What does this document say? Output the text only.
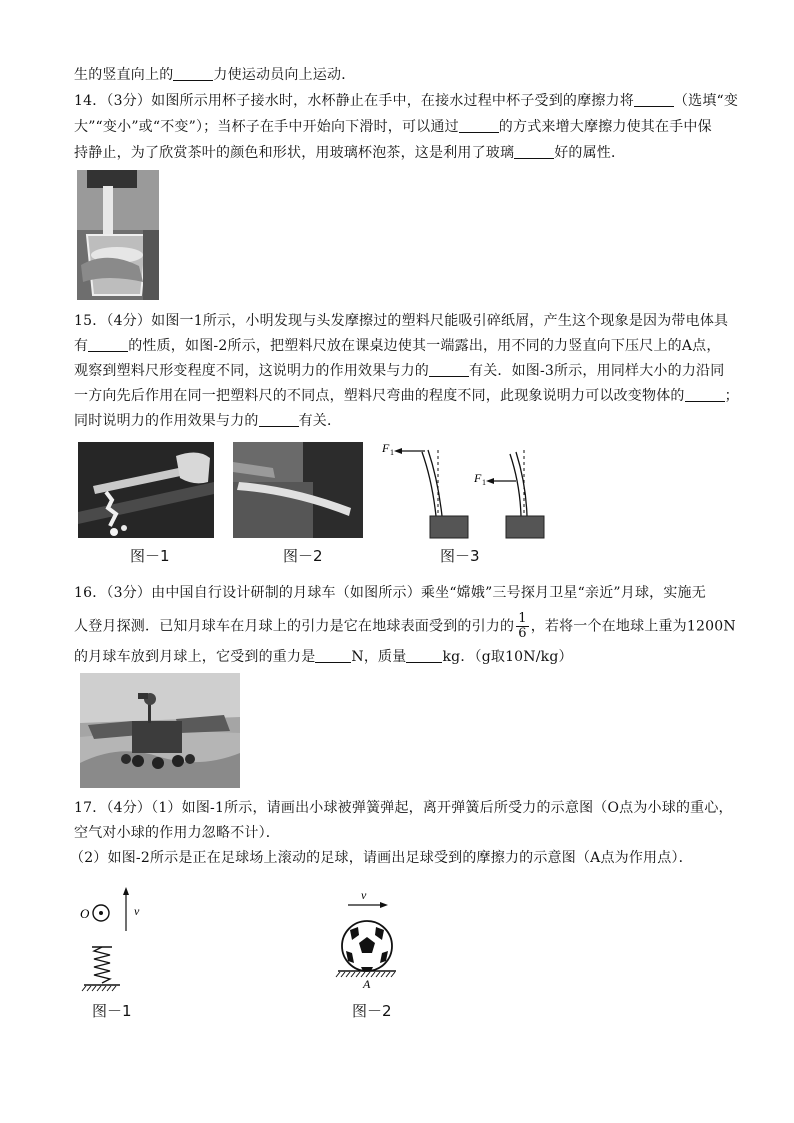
生的竖直向上的	力使运动员向上运动．
14．（3分）如图所示用杯子接水时，水杯静止在手中，在接水过程中杯子受到的摩擦力将	（选填“变
大”“变小”或“不变”）；当杯子在手中开始向下滑时，可以通过	的方式来增大摩擦力使其在手中保
持静止，为了欣赏茶叶的颜色和形状，用玻璃杯泡茶，这是利用了玻璃	好的属性．
15．（4分）如图一1所示，小明发现与头发摩擦过的塑料尺能吸引碎纸屑，产生这个现象是因为带电体具
有	的性质，如图-2所示，把塑料尺放在课桌边使其一端露出，用不同的力竖直向下压尺上的A点，
观察到塑料尺形变程度不同，这说明力的作用效果与力的	有关．如图-3所示，用同样大小的力沿同
一方向先后作用在同一把塑料尺的不同点，塑料尺弯曲的程度不同，此现象说明力可以改变物体的	；
同时说明力的作用效果与力的	有关．
图－1	图－2
F 1
F 1
图－3
16．（3分）由中国自行设计研制的月球车（如图所示）乘坐“嫦娥”三号探月卫星“亲近”月球，实施无
人登月探测．已知月球车在月球上的引力是它在地球表面受到的引力的 $\frac{1}{6}$ ，若将一个在地球上重为1200N
的月球车放到月球上，它受到的重力是	N，质量	kg．（g取10N/kg）
17．（4分）（1）如图-1所示，请画出小球被弹簧弹起，离开弹簧后所受力的示意图（O点为小球的重心，
空气对小球的作用力忽略不计）．
（2）如图-2所示是正在足球场上滚动的足球，请画出足球受到的摩擦力的示意图（A点为作用点）．
O	v
图－1
v
A
图－2
